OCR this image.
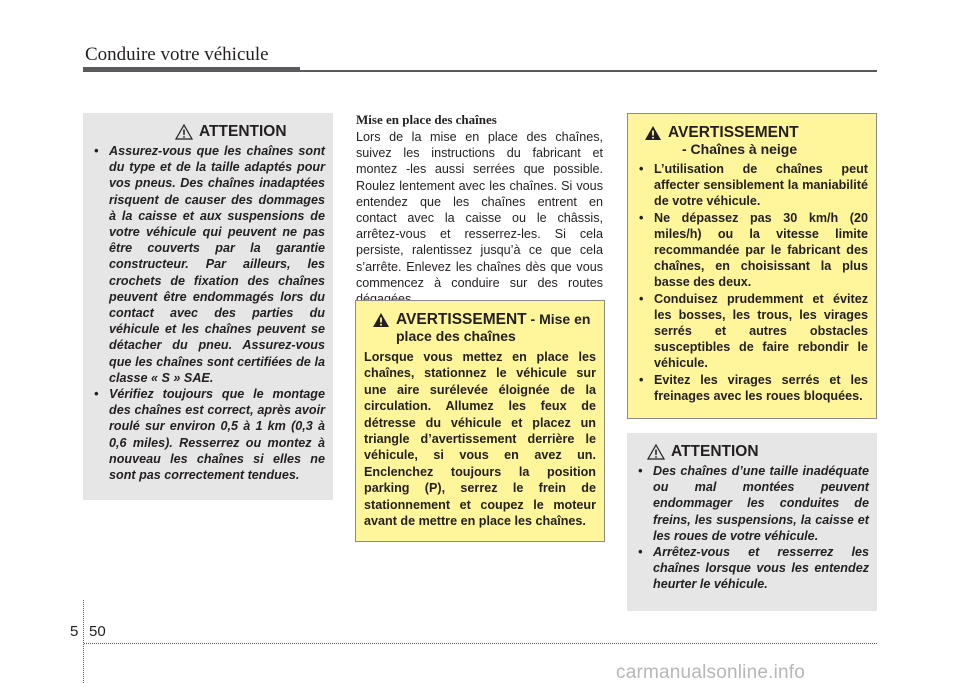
Conduire votre véhicule
ATTENTION
• Assurez-vous que les chaînes sont du type et de la taille adaptés pour vos pneus. Des chaînes inadaptées risquent de causer des dommages à la caisse et aux suspensions de votre véhicule qui peuvent ne pas être couverts par la garantie constructeur. Par ailleurs, les crochets de fixation des chaînes peuvent être endommagés lors du contact avec des parties du véhicule et les chaînes peuvent se détacher du pneu. Assurez-vous que les chaînes sont certifiées de la classe « S » SAE.
• Vérifiez toujours que le montage des chaînes est correct, après avoir roulé sur environ 0,5 à 1 km (0,3 à 0,6 miles). Resserrez ou montez à nouveau les chaînes si elles ne sont pas correctement tendues.
Mise en place des chaînes

Lors de la mise en place des chaînes, suivez les instructions du fabricant et montez -les aussi serrées que possible. Roulez lentement avec les chaînes. Si vous entendez que les chaînes entrent en contact avec la caisse ou le châssis, arrêtez-vous et resserrez-les. Si cela persiste, ralentissez jusqu’à ce que cela s’arrête. Enlevez les chaînes dès que vous commencez à conduire sur des routes

AVERTISSEMENT - Mise en place des chaînes

Lorsque vous mettez en place les chaînes, stationnez le véhicule sur une aire surélevée éloignée de la circulation. Allumez les feux de détresse du véhicule et placez un triangle d’avertissement derrière le véhicule, si vous en avez un. Enclenchez toujours la position parking (P), serrez le frein de stationnement et coupez le moteur avant de mettre en place les chaînes.

AVERTISSEMENT
- Chaînes à neige
• L’utilisation de chaînes peut affecter sensiblement la maniabilité de votre véhicule.
• Ne dépassez pas 30 km/h (20 miles/h) ou la vitesse limite recommandée par le fabricant des chaînes, en choisissant la plus basse des deux.
• Conduisez prudemment et évitez les bosses, les trous, les virages serrés et autres obstacles susceptibles de faire rebondir le véhicule.
• Evitez les virages serrés et les freinages avec les roues bloquées.
ATTENTION
• Des chaînes d’une taille inadéquate ou mal montées peuvent endommager les conduites de freins, les suspensions, la caisse et les roues de votre véhicule.
• Arrêtez-vous et resserrez les chaînes lorsque vous les entendez heurter le véhicule.
5 50
carmanualsonline.info
